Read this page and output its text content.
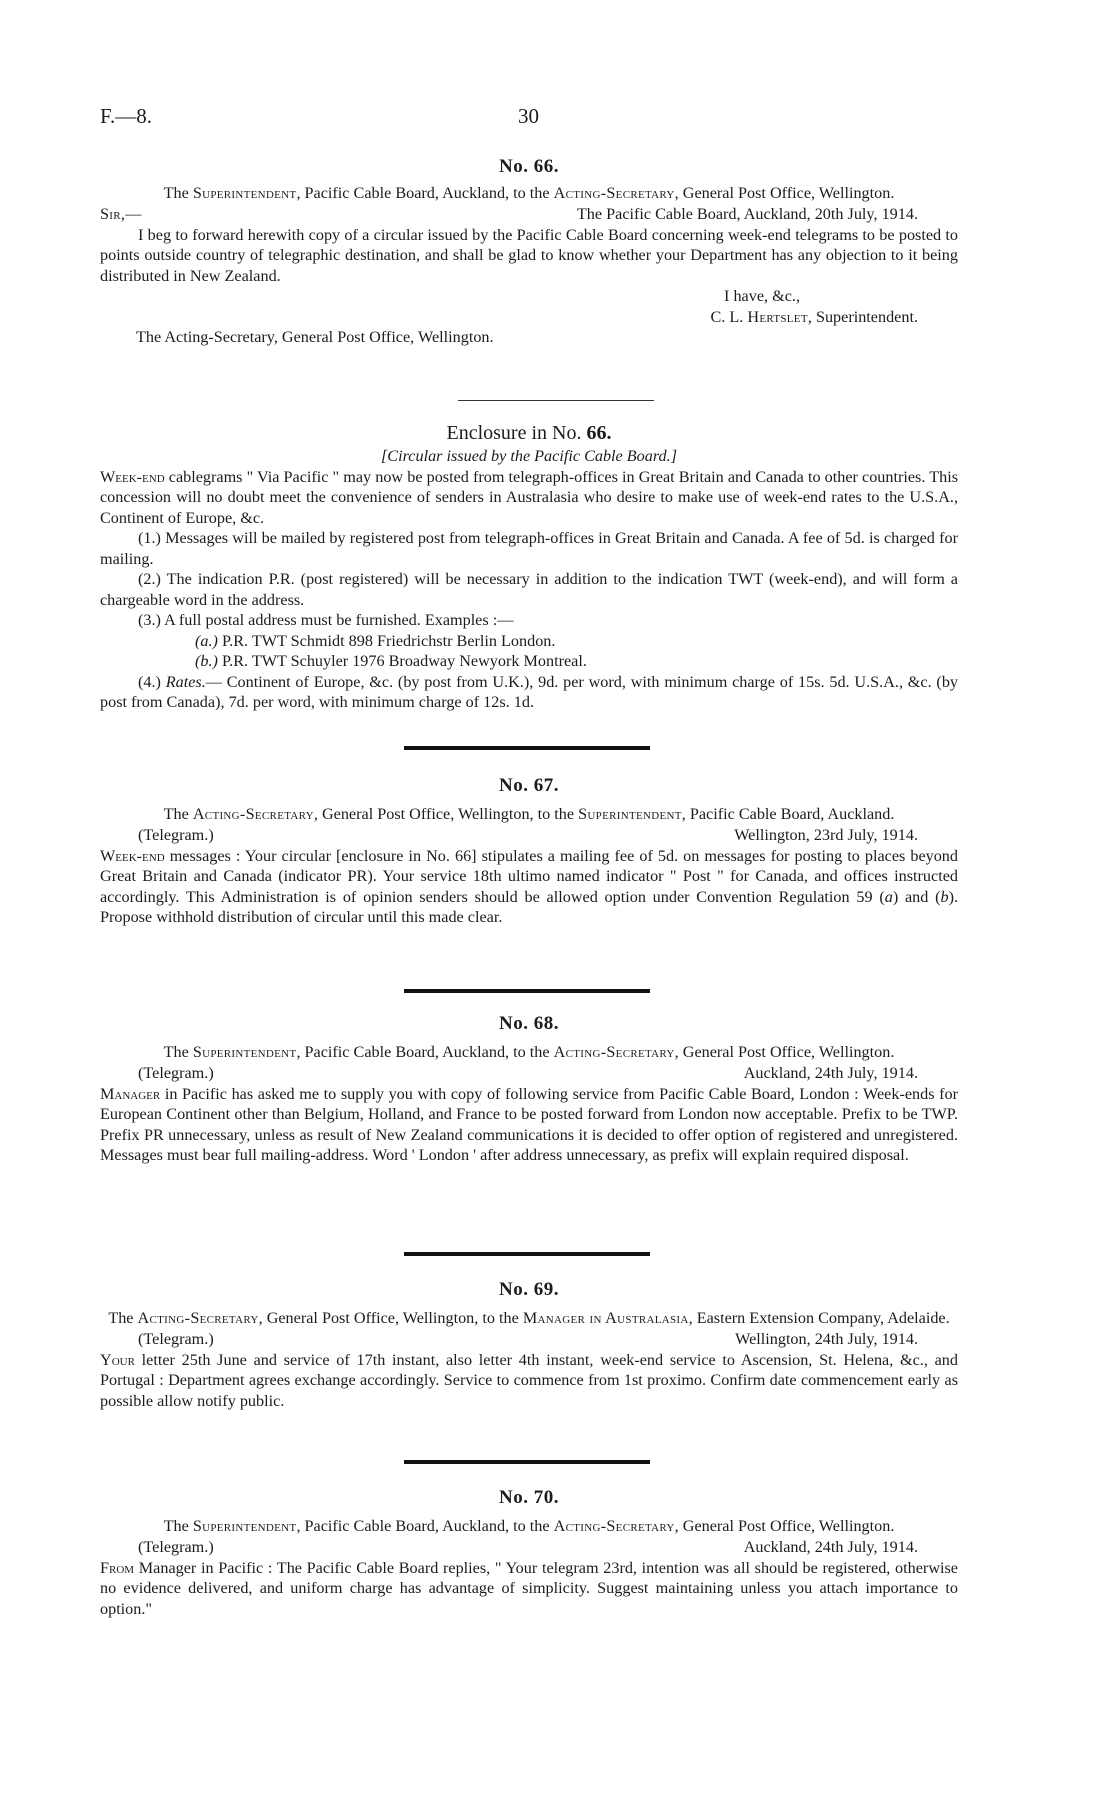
F.—8.	30
No. 66.
The Superintendent, Pacific Cable Board, Auckland, to the Acting-Secretary, General Post Office, Wellington.
Sir,—	The Pacific Cable Board, Auckland, 20th July, 1914.

I beg to forward herewith copy of a circular issued by the Pacific Cable Board concerning week-end telegrams to be posted to points outside country of telegraphic destination, and shall be glad to know whether your Department has any objection to it being distributed in New Zealand.

I have, &c.,
C. L. Hertslet, Superintendent.
The Acting-Secretary, General Post Office, Wellington.
Enclosure in No. 66.
[Circular issued by the Pacific Cable Board.]

Week-end cablegrams " Via Pacific " may now be posted from telegraph-offices in Great Britain and Canada to other countries. This concession will no doubt meet the convenience of senders in Australasia who desire to make use of week-end rates to the U.S.A., Continent of Europe, &c.

(1.) Messages will be mailed by registered post from telegraph-offices in Great Britain and Canada. A fee of 5d. is charged for mailing.

(2.) The indication P.R. (post registered) will be necessary in addition to the indication TWT (week-end), and will form a chargeable word in the address.

(3.) A full postal address must be furnished. Examples :—

(a.) P.R. TWT Schmidt 898 Friedrichstr Berlin London.
(b.) P.R. TWT Schuyler 1976 Broadway Newyork Montreal.

(4.) Rates.— Continent of Europe, &c. (by post from U.K.), 9d. per word, with minimum charge of 15s. 5d. U.S.A., &c. (by post from Canada), 7d. per word, with minimum charge of 12s. 1d.

No. 67.
The Acting-Secretary, General Post Office, Wellington, to the Superintendent, Pacific Cable Board, Auckland.
(Telegram.)	Wellington, 23rd July, 1914.

Week-end messages : Your circular [enclosure in No. 66] stipulates a mailing fee of 5d. on messages for posting to places beyond Great Britain and Canada (indicator PR). Your service 18th ultimo named indicator " Post " for Canada, and offices instructed accordingly. This Administration is of opinion senders should be allowed option under Convention Regulation 59 (a) and (b). Propose withhold distribution of circular until this made clear.

No. 68.
The Superintendent, Pacific Cable Board, Auckland, to the Acting-Secretary, General Post Office, Wellington.
(Telegram.)	Auckland, 24th July, 1914.

Manager in Pacific has asked me to supply you with copy of following service from Pacific Cable Board, London : Week-ends for European Continent other than Belgium, Holland, and France to be posted forward from London now acceptable. Prefix to be TWP. Prefix PR unnecessary, unless as result of New Zealand communications it is decided to offer option of registered and unregistered. Messages must bear full mailing-address. Word ' London ' after address unnecessary, as prefix will explain required disposal.

No. 69.
The Acting-Secretary, General Post Office, Wellington, to the Manager in Australasia, Eastern Extension Company, Adelaide.
(Telegram.)	Wellington, 24th July, 1914.

Your letter 25th June and service of 17th instant, also letter 4th instant, week-end service to Ascension, St. Helena, &c., and Portugal : Department agrees exchange accordingly. Service to commence from 1st proximo. Confirm date commencement early as possible allow notify public.

No. 70.
The Superintendent, Pacific Cable Board, Auckland, to the Acting-Secretary, General Post Office, Wellington.
(Telegram.)	Auckland, 24th July, 1914.

From Manager in Pacific : The Pacific Cable Board replies, " Your telegram 23rd, intention was all should be registered, otherwise no evidence delivered, and uniform charge has advantage of simplicity. Suggest maintaining unless you attach importance to option."
